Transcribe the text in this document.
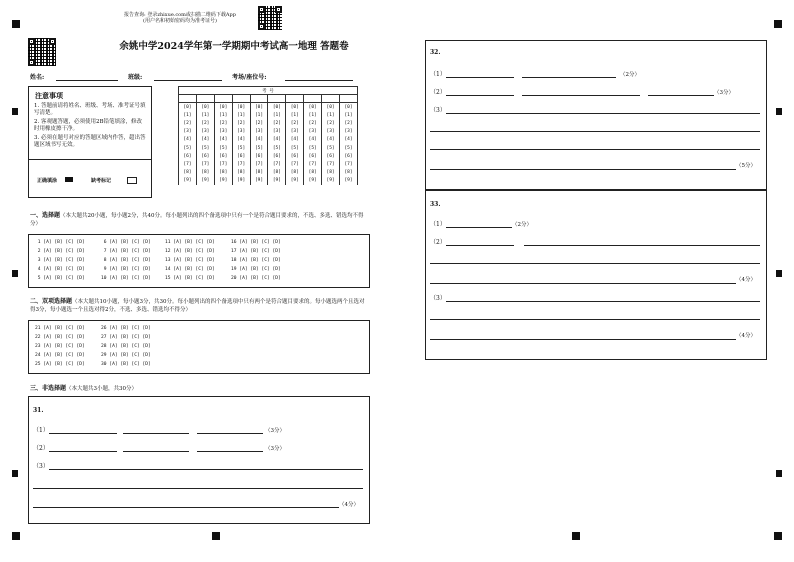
报告查询: 登录zhixue.com或扫描二维码下载App
(用户名和初始密码均为准考证号)
余姚中学2024学年第一学期期中考试高一地理 答题卷
姓名:	班级:	考场/座位号:
注意事项
1. 答题前请将姓名、班级、考场、准考证号填写清楚。
2. 客观题答题，必须使用2B铅笔填涂，修改时用橡皮擦干净。
3. 必须在题号对应的答题区域内作答，超出答题区域书写无效。
正确填涂	缺考标记
考 号									

[0]	[0]	[0]	[0]	[0]	[0]	[0]	[0]	[0]	[0]
[1]	[1]	[1]	[1]	[1]	[1]	[1]	[1]	[1]	[1]
[2]	[2]	[2]	[2]	[2]	[2]	[2]	[2]	[2]	[2]
[3]	[3]	[3]	[3]	[3]	[3]	[3]	[3]	[3]	[3]
[4]	[4]	[4]	[4]	[4]	[4]	[4]	[4]	[4]	[4]
[5]	[5]	[5]	[5]	[5]	[5]	[5]	[5]	[5]	[5]
[6]	[6]	[6]	[6]	[6]	[6]	[6]	[6]	[6]	[6]
[7]	[7]	[7]	[7]	[7]	[7]	[7]	[7]	[7]	[7]
[8]	[8]	[8]	[8]	[8]	[8]	[8]	[8]	[8]	[8]
[9]	[9]	[9]	[9]	[9]	[9]	[9]	[9]	[9]	[9]
一、选择题（本大题共20小题，每小题2分，共40分。每小题列出的四个备选项中只有一个是符合题目要求的，不选、多选、错选均不得分）
1 [A] [B] [C] [D]	6 [A] [B] [C] [D]	11 [A] [B] [C] [D]	16 [A] [B] [C] [D]
2 [A] [B] [C] [D]	7 [A] [B] [C] [D]	12 [A] [B] [C] [D]	17 [A] [B] [C] [D]
3 [A] [B] [C] [D]	8 [A] [B] [C] [D]	13 [A] [B] [C] [D]	18 [A] [B] [C] [D]
4 [A] [B] [C] [D]	9 [A] [B] [C] [D]	14 [A] [B] [C] [D]	19 [A] [B] [C] [D]
5 [A] [B] [C] [D]	10 [A] [B] [C] [D]	15 [A] [B] [C] [D]	20 [A] [B] [C] [D]
二、双项选择题（本大题共10小题，每小题3分，共30分。每小题列出的四个备选项中只有两个是符合题目要求的。每小题选两个且选对得3分，每小题选一个且选对得2分，不选、多选、错选均不得分）
21 [A] [B] [C] [D]	26 [A] [B] [C] [D]
22 [A] [B] [C] [D]	27 [A] [B] [C] [D]
23 [A] [B] [C] [D]	28 [A] [B] [C] [D]
24 [A] [B] [C] [D]	29 [A] [B] [C] [D]
25 [A] [B] [C] [D]	30 [A] [B] [C] [D]
三、非选择题（本大题共3小题，共30分）
31.
（1）	（3分）
（2）	（3分）
（3）
（4分）
32.
（1）	（2分）
（2）	（3分）
（3）
（5分）
33.
（1）	（2分）
（2）
（4分）
（3）
（4分）
